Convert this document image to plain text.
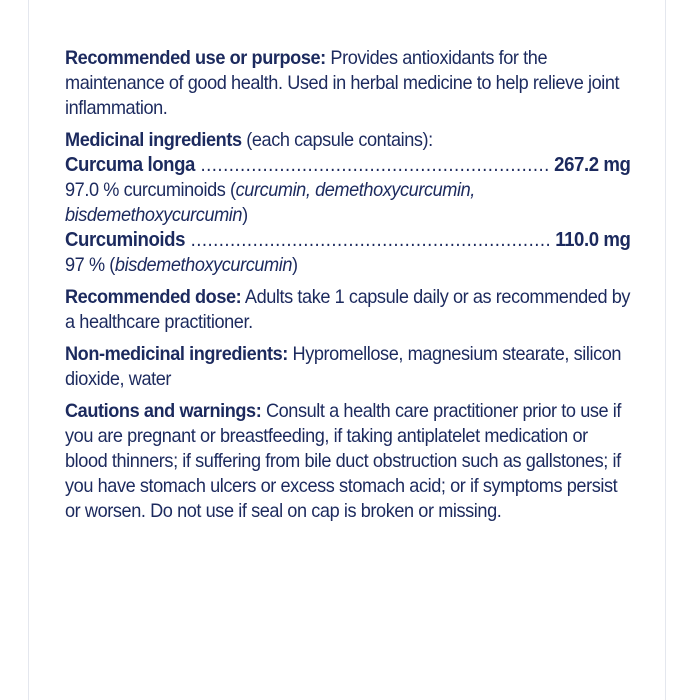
Recommended use or purpose: Provides antioxidants for the maintenance of good health. Used in herbal medicine to help relieve joint inflammation.

Medicinal ingredients (each capsule contains):

Curcuma longa .....	267.2 mg

97.0 % curcuminoids (curcumin, demethoxycurcumin, bisdemethoxycurcumin)

Curcuminoids .....	110.0 mg

97 % (bisdemethoxycurcumin)

Recommended dose: Adults take 1 capsule daily or as recommended by a healthcare practitioner.

Non-medicinal ingredients: Hypromellose, magnesium stearate, silicon dioxide, water

Cautions and warnings: Consult a health care practitioner prior to use if you are pregnant or breastfeeding, if taking antiplatelet medication or blood thinners; if suffering from bile duct obstruction such as gallstones; if you have stomach ulcers or excess stomach acid; or if symptoms persist or worsen. Do not use if seal on cap is broken or missing.
